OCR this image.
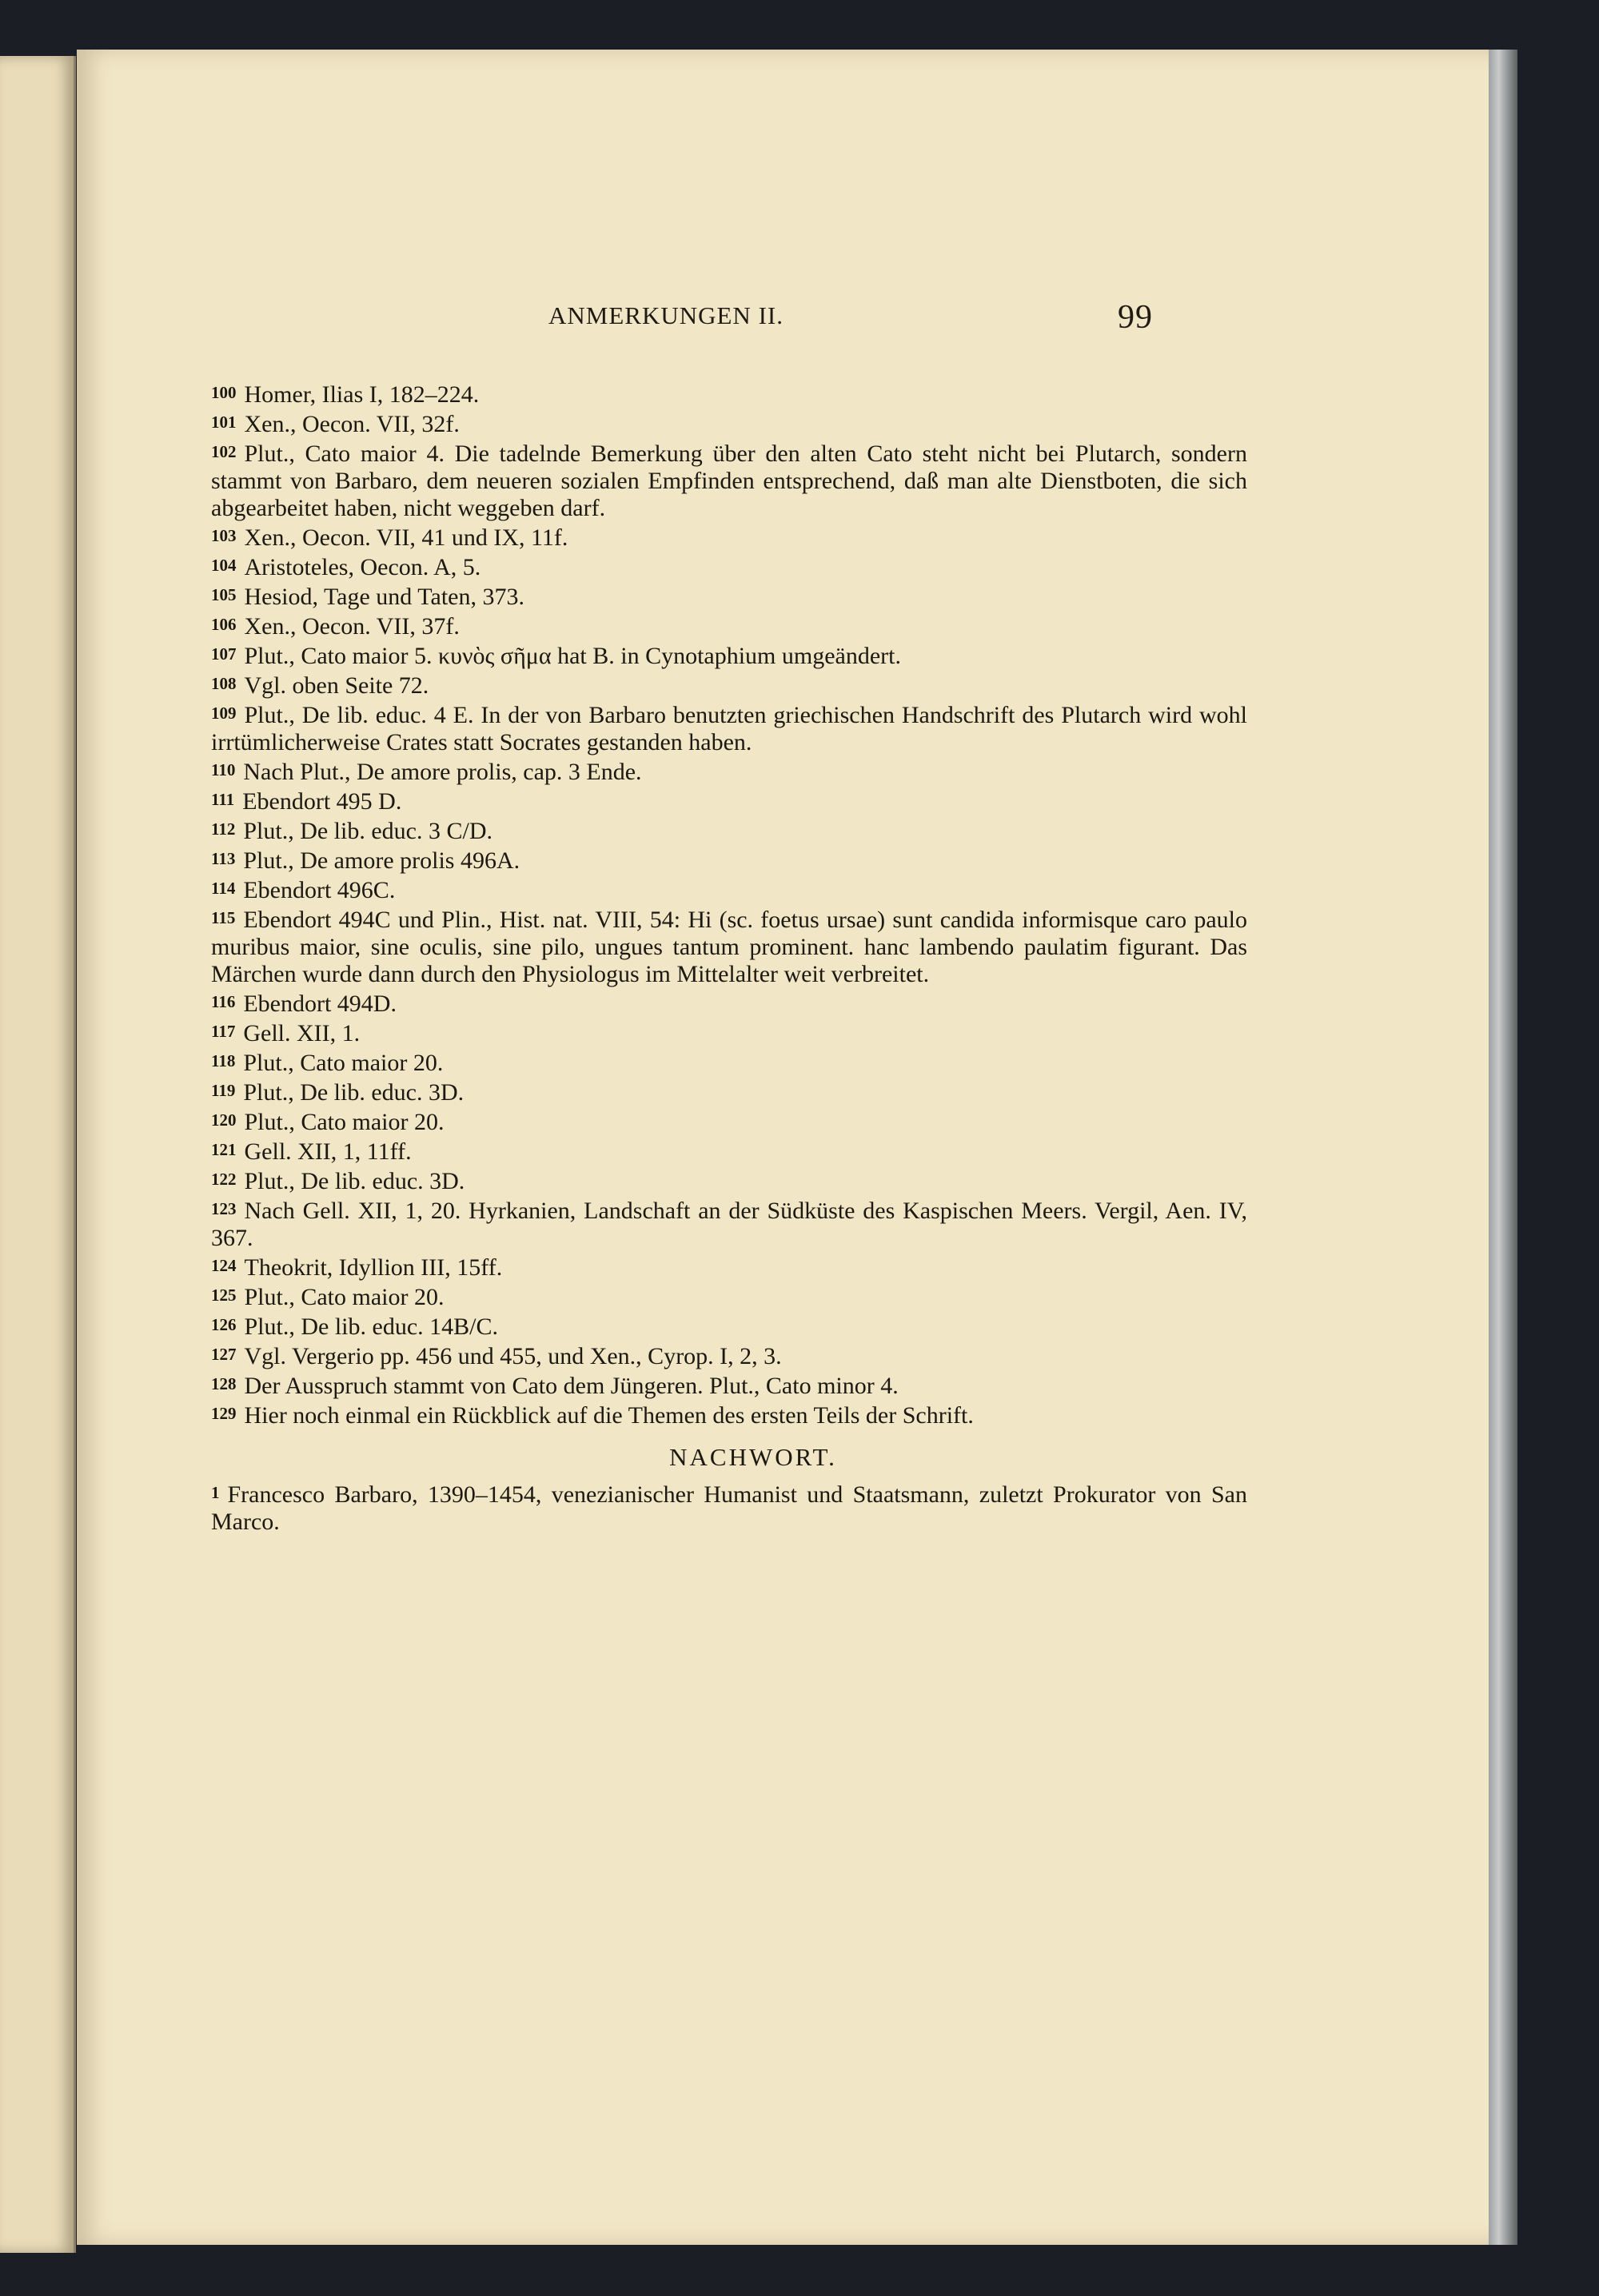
ANMERKUNGEN II.	99

100 Homer, Ilias I, 182–224.

101 Xen., Oecon. VII, 32f.

102 Plut., Cato maior 4. Die tadelnde Bemerkung über den alten Cato steht nicht bei Plutarch, sondern stammt von Barbaro, dem neueren sozialen Empfinden entsprechend, daß man alte Dienstboten, die sich abgearbeitet haben, nicht weggeben darf.

103 Xen., Oecon. VII, 41 und IX, 11f.

104 Aristoteles, Oecon. A, 5.

105 Hesiod, Tage und Taten, 373.

106 Xen., Oecon. VII, 37f.

107 Plut., Cato maior 5. κυνὸς σῆμα hat B. in Cynotaphium umgeändert.

108 Vgl. oben Seite 72.

109 Plut., De lib. educ. 4 E. In der von Barbaro benutzten griechischen Handschrift des Plutarch wird wohl irrtümlicherweise Crates statt Socrates gestanden haben.

110 Nach Plut., De amore prolis, cap. 3 Ende.

111 Ebendort 495 D.

112 Plut., De lib. educ. 3 C/D.

113 Plut., De amore prolis 496A.

114 Ebendort 496C.

115 Ebendort 494C und Plin., Hist. nat. VIII, 54: Hi (sc. foetus ursae) sunt candida informisque caro paulo muribus maior, sine oculis, sine pilo, ungues tantum prominent. hanc lambendo paulatim figurant. Das Märchen wurde dann durch den Physiologus im Mittelalter weit verbreitet.

116 Ebendort 494D.

117 Gell. XII, 1.

118 Plut., Cato maior 20.

119 Plut., De lib. educ. 3D.

120 Plut., Cato maior 20.

121 Gell. XII, 1, 11ff.

122 Plut., De lib. educ. 3D.

123 Nach Gell. XII, 1, 20. Hyrkanien, Landschaft an der Südküste des Kaspischen Meers. Vergil, Aen. IV, 367.

124 Theokrit, Idyllion III, 15ff.

125 Plut., Cato maior 20.

126 Plut., De lib. educ. 14B/C.

127 Vgl. Vergerio pp. 456 und 455, und Xen., Cyrop. I, 2, 3.

128 Der Ausspruch stammt von Cato dem Jüngeren. Plut., Cato minor 4.

129 Hier noch einmal ein Rückblick auf die Themen des ersten Teils der Schrift.

NACHWORT.

1 Francesco Barbaro, 1390–1454, venezianischer Humanist und Staatsmann, zuletzt Prokurator von San Marco.
